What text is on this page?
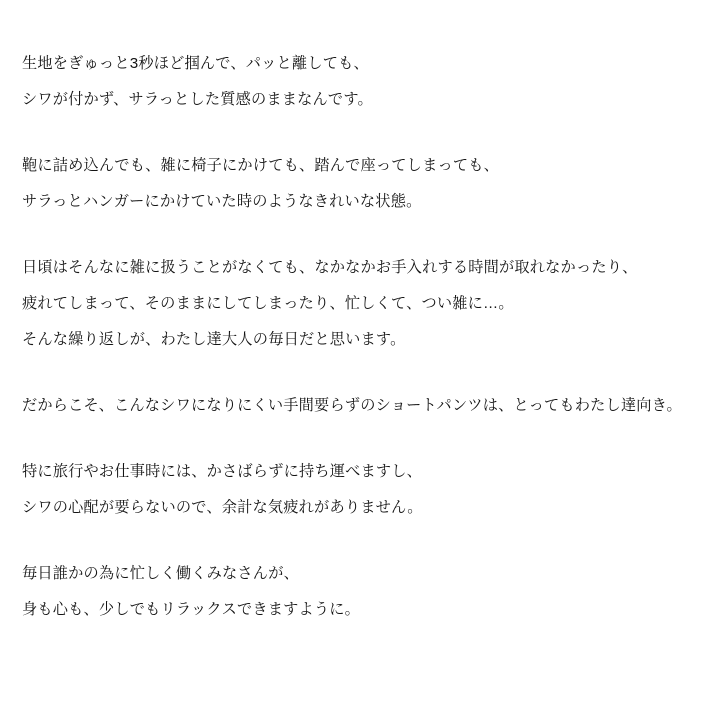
生地をぎゅっと3秒ほど掴んで、パッと離しても、
シワが付かず、サラっとした質感のままなんです。
鞄に詰め込んでも、雑に椅子にかけても、踏んで座ってしまっても、
サラっとハンガーにかけていた時のようなきれいな状態。
日頃はそんなに雑に扱うことがなくても、なかなかお手入れする時間が取れなかったり、
疲れてしまって、そのままにしてしまったり、忙しくて、つい雑に…。
そんな繰り返しが、わたし達大人の毎日だと思います。
だからこそ、こんなシワになりにくい手間要らずのショートパンツは、とってもわたし達向き。
特に旅行やお仕事時には、かさばらずに持ち運べますし、
シワの心配が要らないので、余計な気疲れがありません。
毎日誰かの為に忙しく働くみなさんが、
身も心も、少しでもリラックスできますように。
